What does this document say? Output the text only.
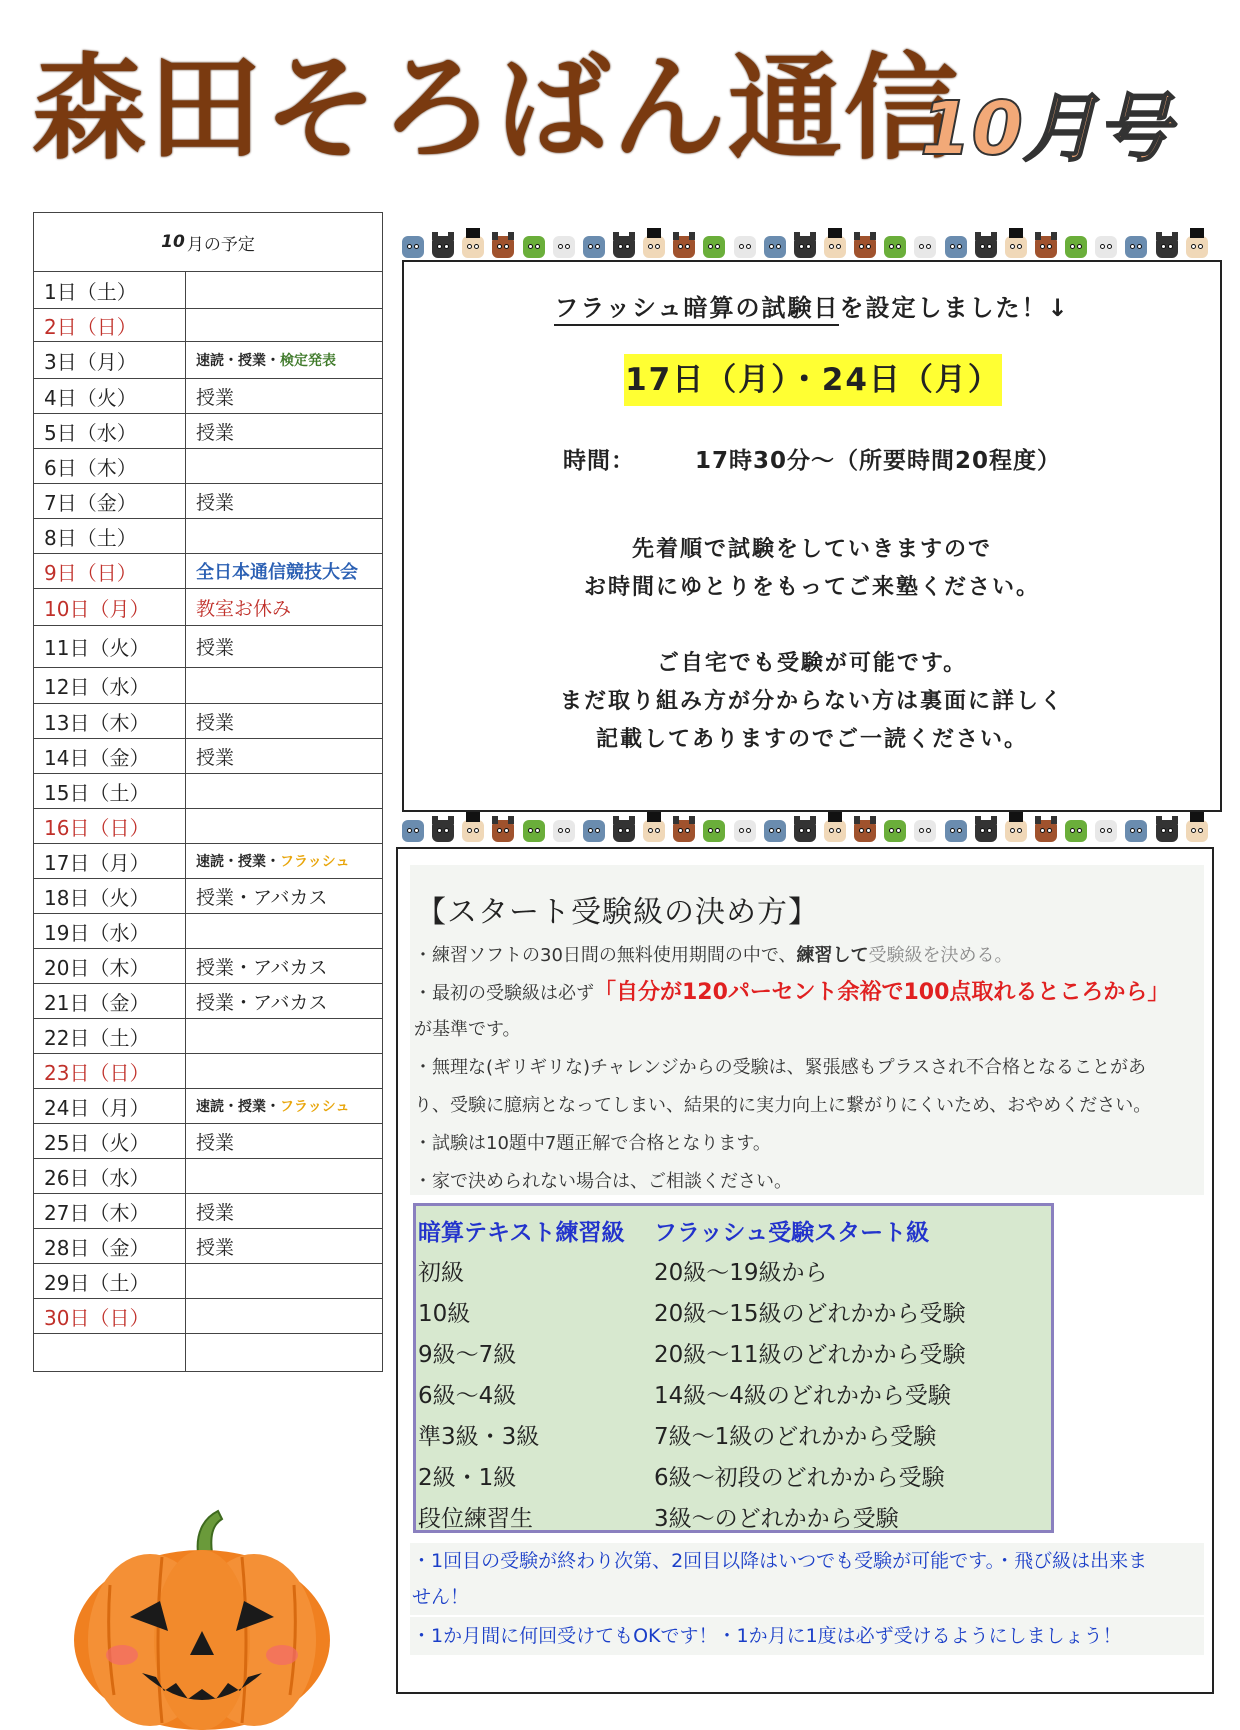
森田そろばん通信
10月号
10 月の予定
1日（土）
2日（日）
3日（月）	速読・授業・ 検定発表
4日（火）	授業
5日（水）	授業
6日（木）
7日（金）	授業
8日（土）
9日（日）	全日本通信競技大会
10日（月）	教室お休み
11日（火）	授業
12日（水）
13日（木）	授業
14日（金）	授業
15日（土）
16日（日）
17日（月）	速読・授業・ フラッシュ
18日（火）	授業・アバカス
19日（水）
20日（木）	授業・アバカス
21日（金）	授業・アバカス
22日（土）
23日（日）
24日（月）	速読・授業・ フラッシュ
25日（火）	授業
26日（水）
27日（木）	授業
28日（金）	授業
29日（土）
30日（日）
フラッシュ暗算の試験日を設定しました！↓
17日（月）・24日（月）
時間：	17時30分～（所要時間20程度）
先着順で試験をしていきますので
お時間にゆとりをもってご来塾ください。
ご自宅でも受験が可能です。
まだ取り組み方が分からない方は裏面に詳しく
記載してありますのでご一読ください。
【スタート受験級の決め方】
・練習ソフトの30日間の無料使用期間の中で、練習して受験級を決める。
・最初の受験級は必ず「自分が120パーセント余裕で100点取れるところから」
が基準です。
・無理な(ギリギリな)チャレンジからの受験は、緊張感もプラスされ不合格となることがあ
り、受験に臆病となってしまい、結果的に実力向上に繋がりにくいため、おやめください。
・試験は10題中7題正解で合格となります。
・家で決められない場合は、ご相談ください。
暗算テキスト練習級 フラッシュ受験スタート級
初級	20級～19級から
10級	20級～15級のどれかから受験
9級～7級	20級～11級のどれかから受験
6級～4級	14級～4級のどれかから受験
準3級・3級	7級～1級のどれかから受験
2級・1級	6級～初段のどれかから受験
段位練習生	3級～のどれかから受験
・1回目の受験が終わり次第、2回目以降はいつでも受験が可能です。・飛び級は出来ま
せん！
・1か月間に何回受けてもOKです！・1か月に1度は必ず受けるようにしましょう！
